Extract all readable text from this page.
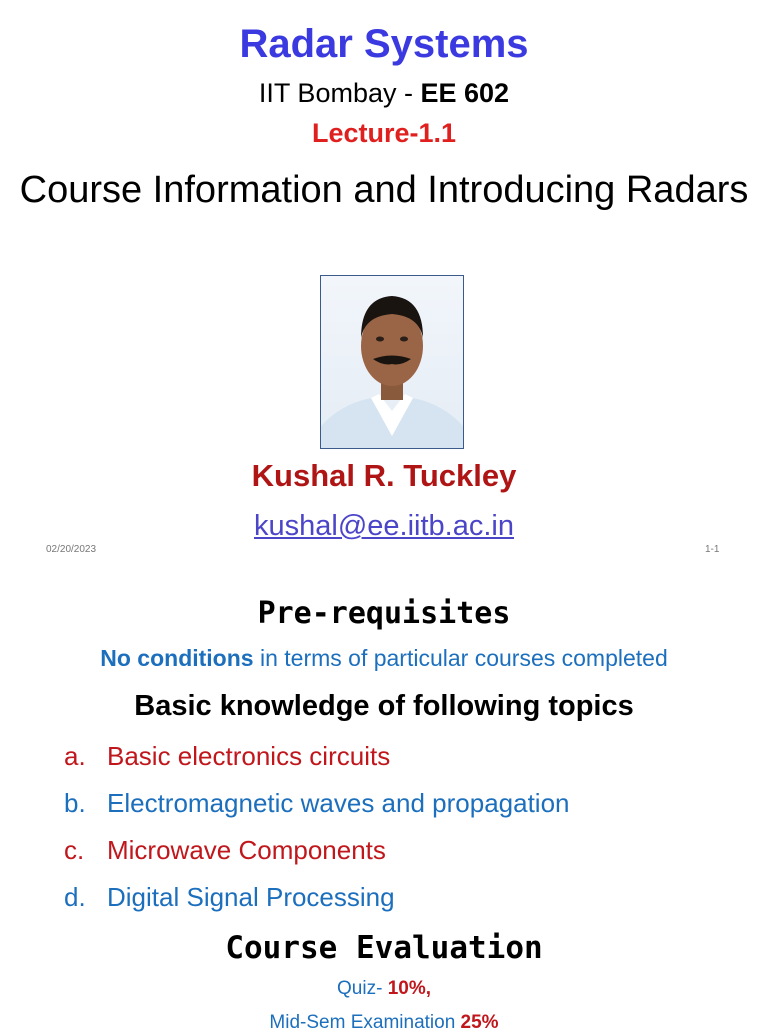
Radar Systems
IIT Bombay - EE 602
Lecture-1.1
Course Information and Introducing Radars
Kushal R. Tuckley
kushal@ee.iitb.ac.in
02/20/2023	1-1
Pre-requisites
No conditions in terms of particular courses completed
Basic knowledge of following topics
a. Basic electronics circuits
b. Electromagnetic waves and propagation
c. Microwave Components
d. Digital Signal Processing
Course Evaluation
Quiz- 10%,
Mid-Sem Examination 25%
